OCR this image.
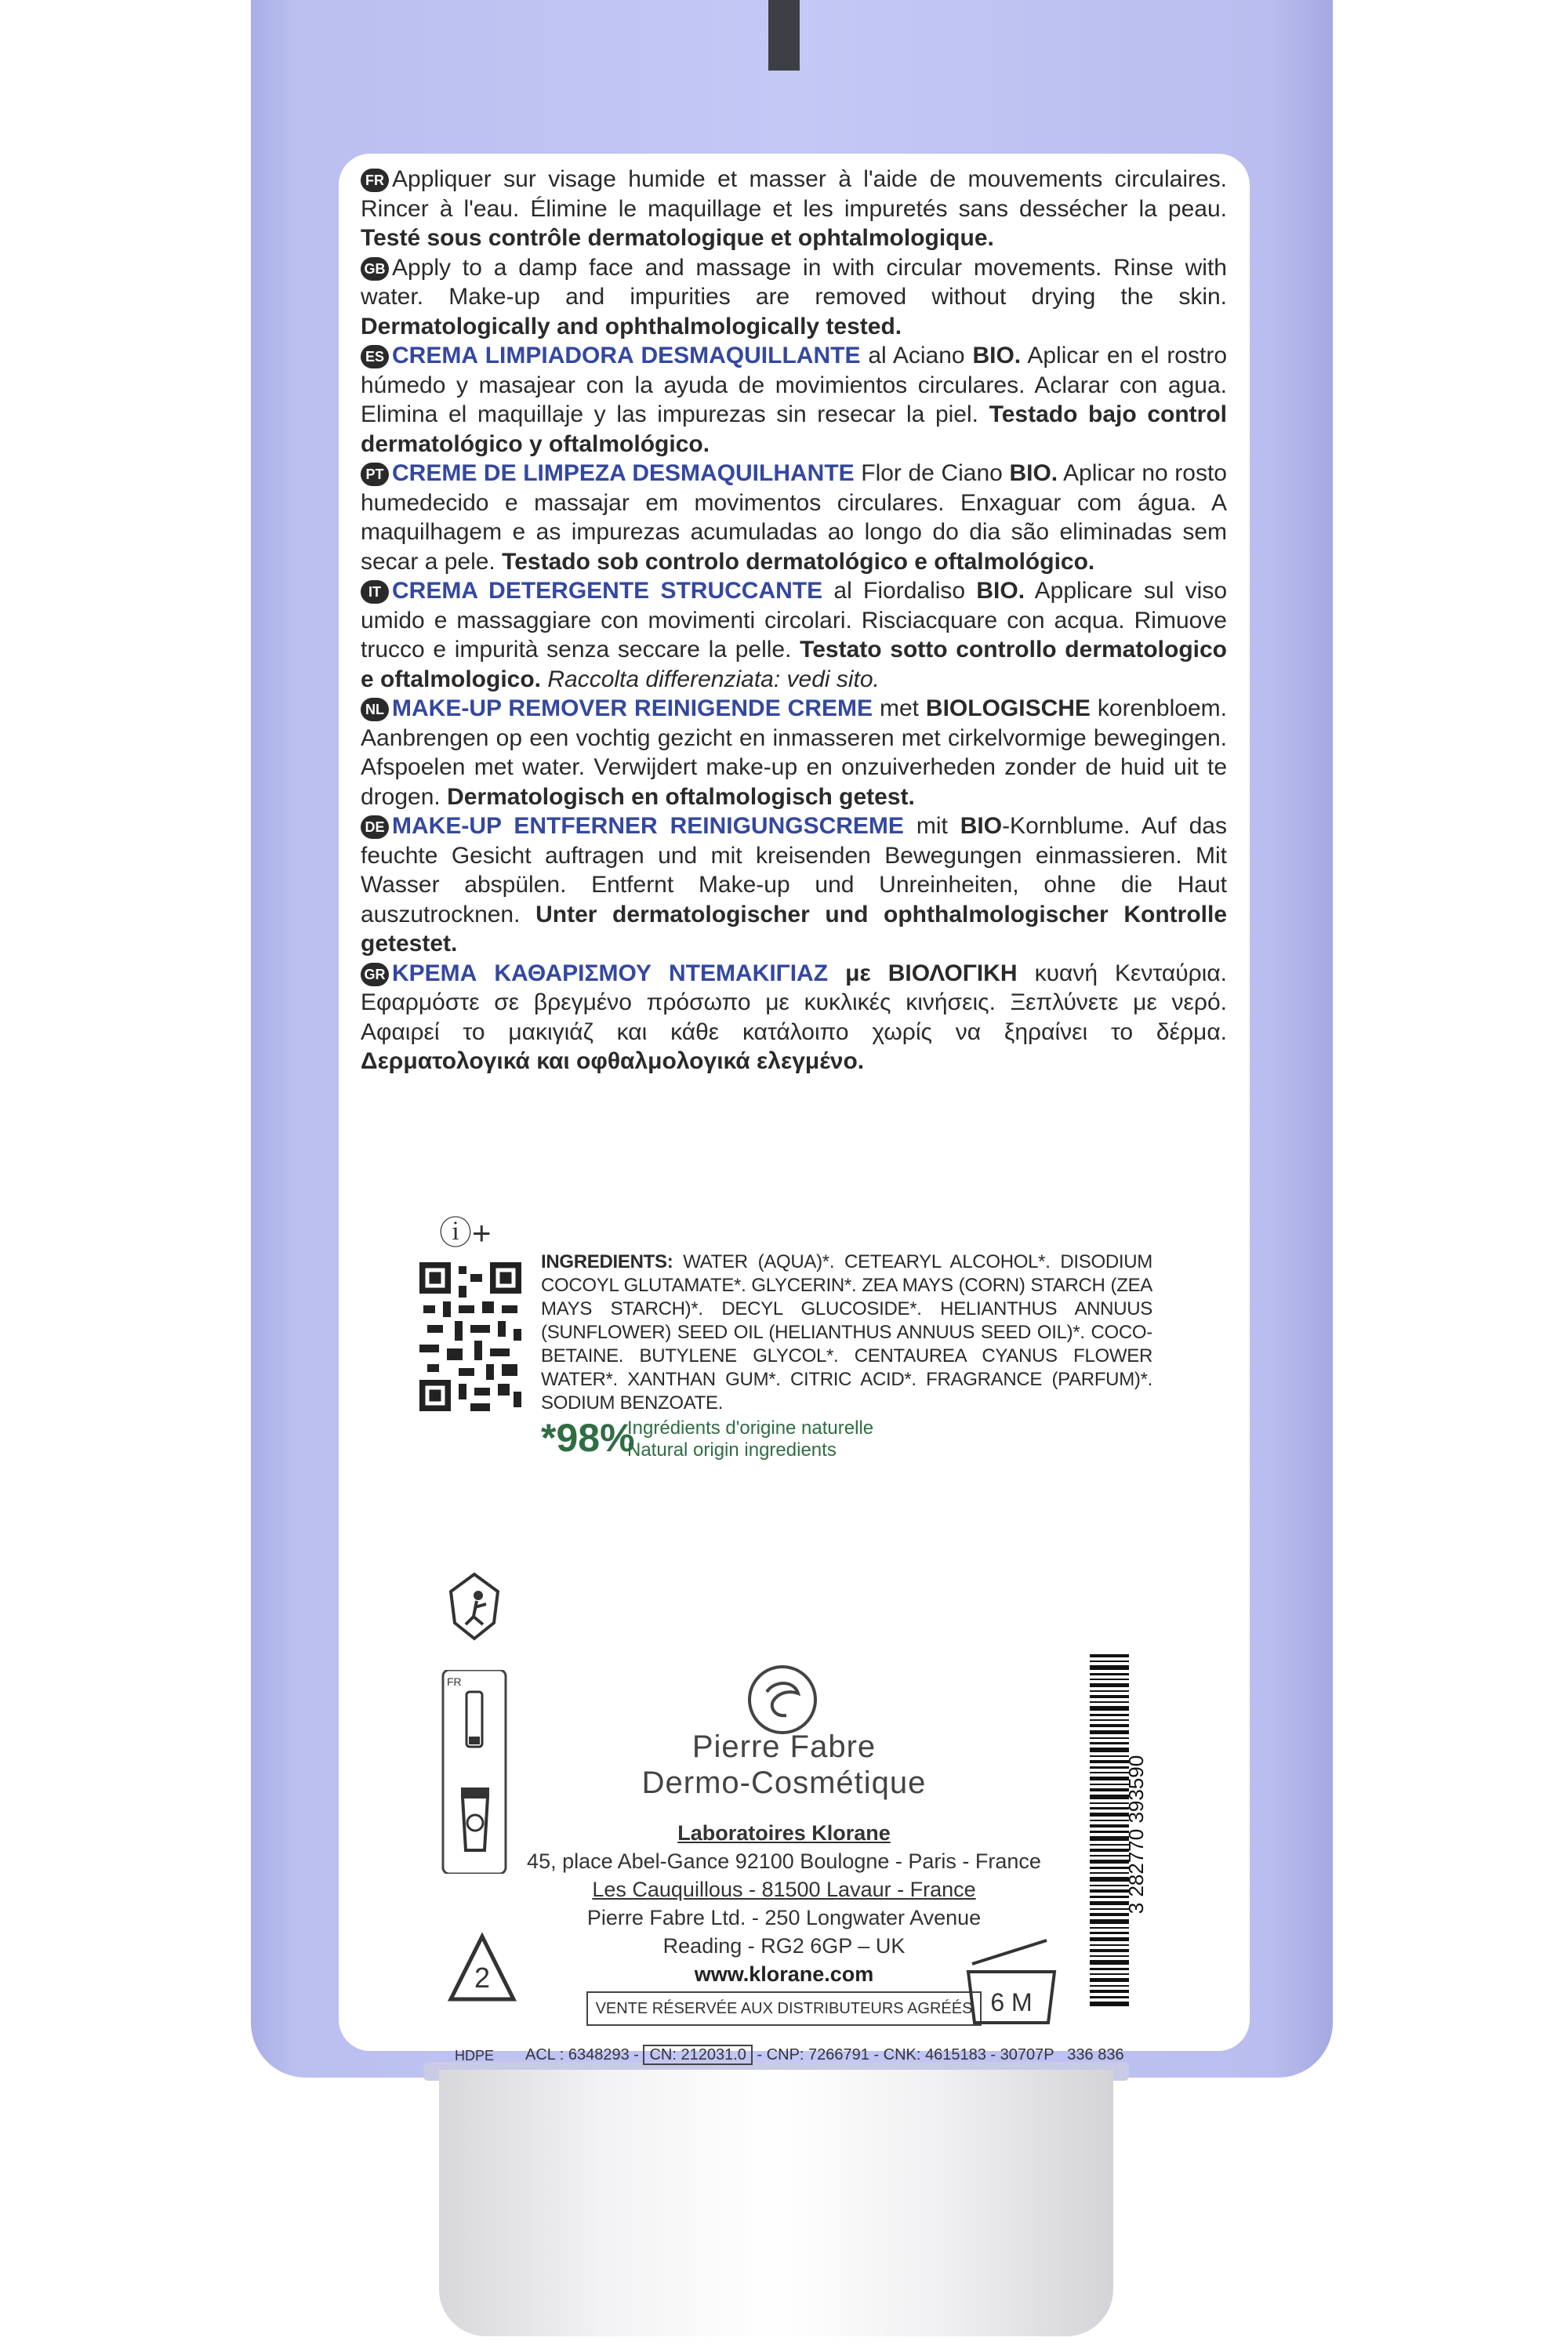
FR Appliquer sur visage humide et masser à l'aide de mouvements circulaires. Rincer à l'eau. Élimine le maquillage et les impuretés sans dessécher la peau. Testé sous contrôle dermatologique et ophtalmologique.

GB Apply to a damp face and massage in with circular movements. Rinse with water. Make-up and impurities are removed without drying the skin. Dermatologically and ophthalmologically tested.

ES CREMA LIMPIADORA DESMAQUILLANTE al Aciano BIO. Aplicar en el rostro húmedo y masajear con la ayuda de movimientos circulares. Aclarar con agua. Elimina el maquillaje y las impurezas sin resecar la piel. Testado bajo control dermatológico y oftalmológico.

PT CREME DE LIMPEZA DESMAQUILHANTE Flor de Ciano BIO. Aplicar no rosto humedecido e massajar em movimentos circulares. Enxaguar com água. A maquilhagem e as impurezas acumuladas ao longo do dia são eliminadas sem secar a pele. Testado sob controlo dermatológico e oftalmológico.

IT CREMA DETERGENTE STRUCCANTE al Fiordaliso BIO. Applicare sul viso umido e massaggiare con movimenti circolari. Risciacquare con acqua. Rimuove trucco e impurità senza seccare la pelle. Testato sotto controllo dermatologico e oftalmologico. Raccolta differenziata: vedi sito.

NL MAKE-UP REMOVER REINIGENDE CREME met BIOLOGISCHE korenbloem. Aanbrengen op een vochtig gezicht en inmasseren met cirkelvormige bewegingen. Afspoelen met water. Verwijdert make-up en onzuiverheden zonder de huid uit te drogen. Dermatologisch en oftalmologisch getest.

DE MAKE-UP ENTFERNER REINIGUNGSCREME mit BIO-Kornblume. Auf das feuchte Gesicht auftragen und mit kreisenden Bewegungen einmassieren. Mit Wasser abspülen. Entfernt Make-up und Unreinheiten, ohne die Haut auszutrocknen. Unter dermatologischer und ophthalmologischer Kontrolle getestet.

GR ΚΡΕΜΑ ΚΑΘΑΡΙΣΜΟΥ ΝΤΕΜΑΚΙΓΙΑΖ με ΒΙΟΛΟΓΙΚΗ κυανή Κενταύρια. Εφαρμόστε σε βρεγμένο πρόσωπο με κυκλικές κινήσεις. Ξεπλύνετε με νερό. Αφαιρεί το μακιγιάζ και κάθε κατάλοιπο χωρίς να ξηραίνει το δέρμα. Δερματολογικά και οφθαλμολογικά ελεγμένο.

ⓘ+
INGREDIENTS: WATER (AQUA)*. CETEARYL ALCOHOL*. DISODIUM COCOYL GLUTAMATE*. GLYCERIN*. ZEA MAYS (CORN) STARCH (ZEA MAYS STARCH)*. DECYL GLUCOSIDE*. HELIANTHUS ANNUUS (SUNFLOWER) SEED OIL (HELIANTHUS ANNUUS SEED OIL)*. COCO-BETAINE. BUTYLENE GLYCOL*. CENTAUREA CYANUS FLOWER WATER*. XANTHAN GUM*. CITRIC ACID*. FRAGRANCE (PARFUM)*. SODIUM BENZOATE.
*98%
Ingrédients d'origine naturelle
Natural origin ingredients
FR
Pierre Fabre
Dermo-Cosmétique
Laboratoires Klorane
45, place Abel-Gance 92100 Boulogne - Paris - France
Les Cauquillous - 81500 Lavaur - France
Pierre Fabre Ltd. - 250 Longwater Avenue
Reading - RG2 6GP – UK
www.klorane.com
VENTE RÉSERVÉE AUX DISTRIBUTEURS AGRÉÉS
2
HDPE
6 M
3 282770 393590
ACL : 6348293 - CN: 212031.0 - CNP: 7266791 - CNK: 4615183 - 30707P 336 836
